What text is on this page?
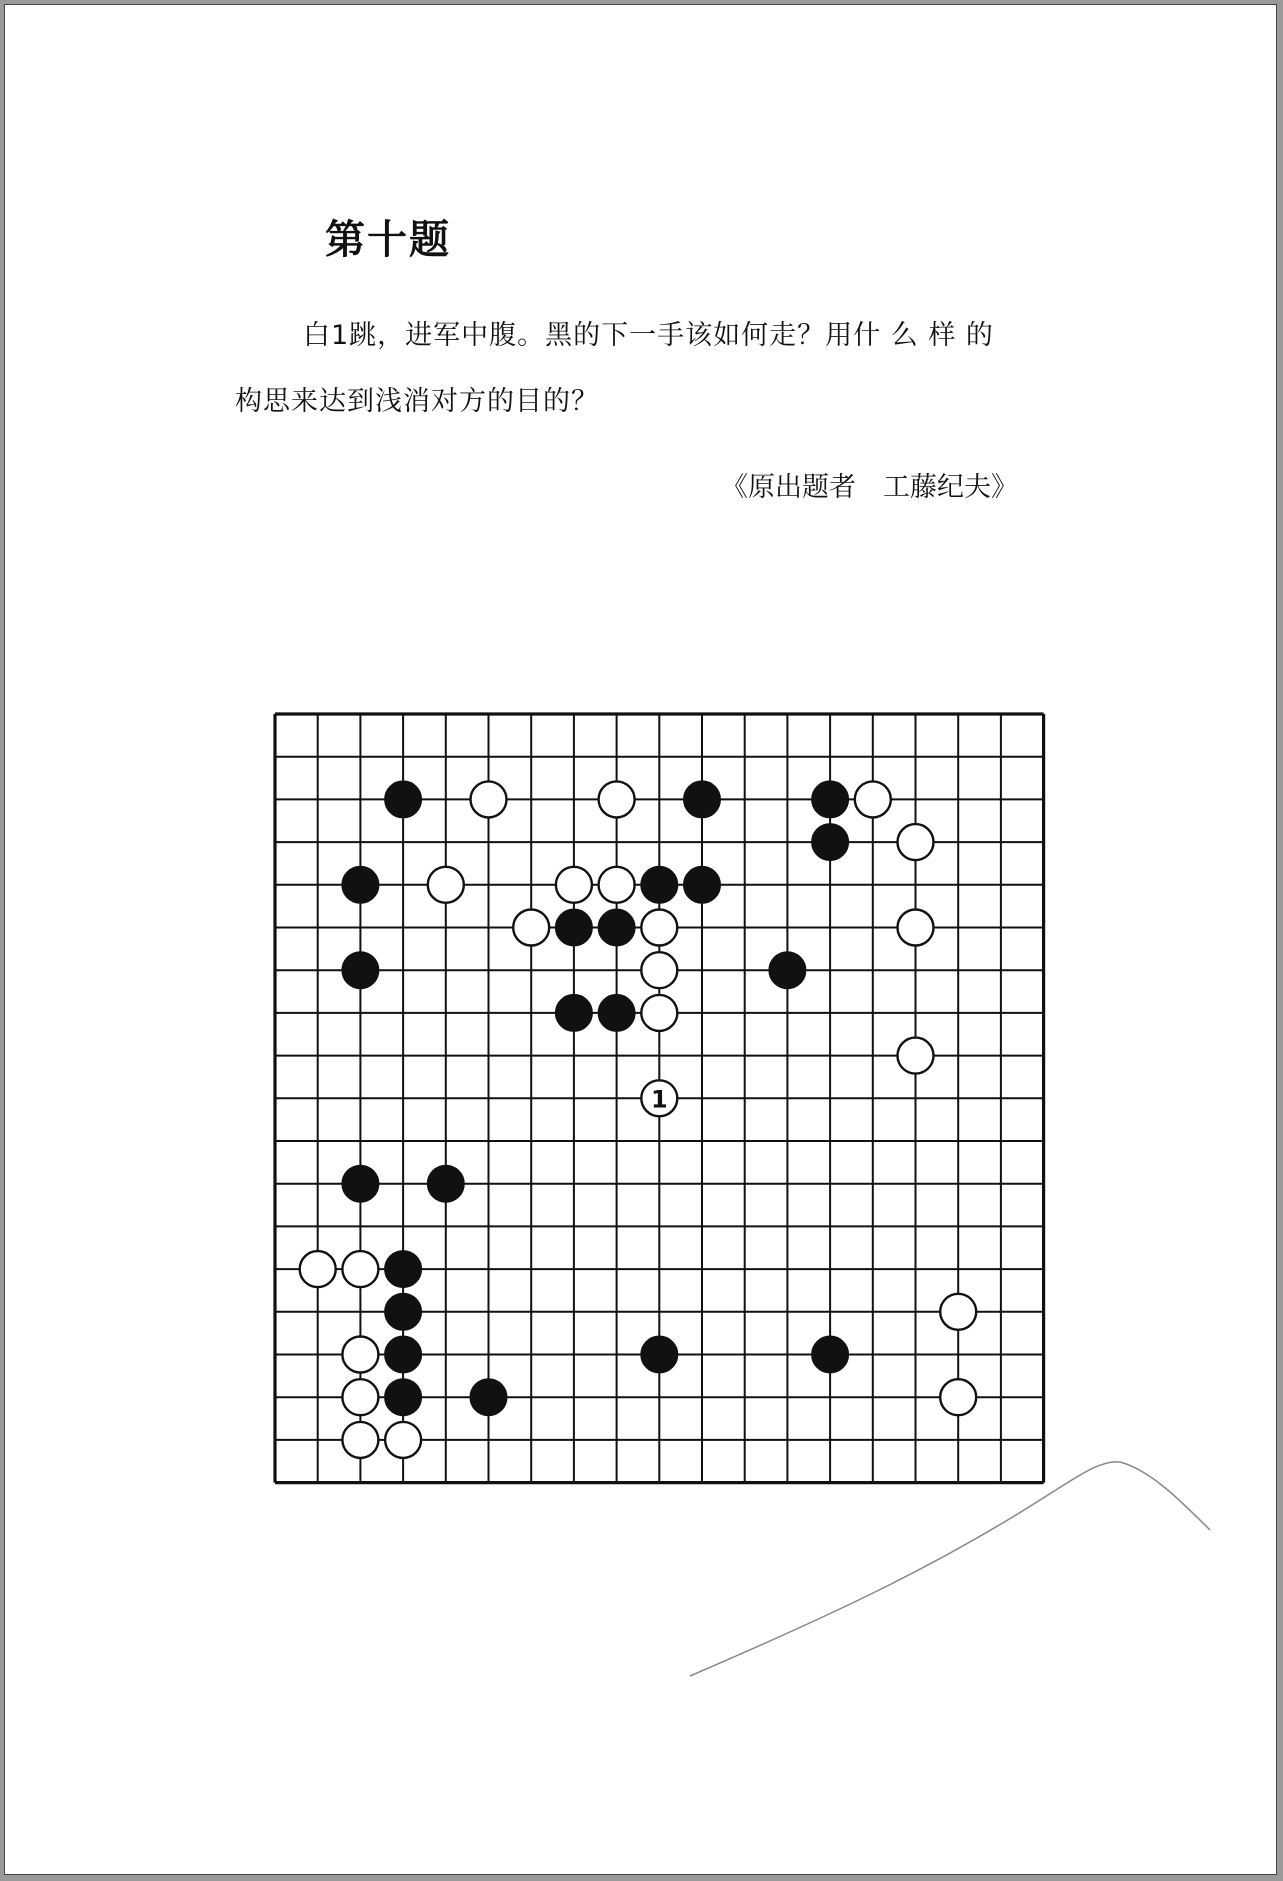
第十题
白1跳，进军中腹。黑的下一手该如何走？用什 么 样 的
构思来达到浅消对方的目的？
《原出题者　工藤纪夫》
1
